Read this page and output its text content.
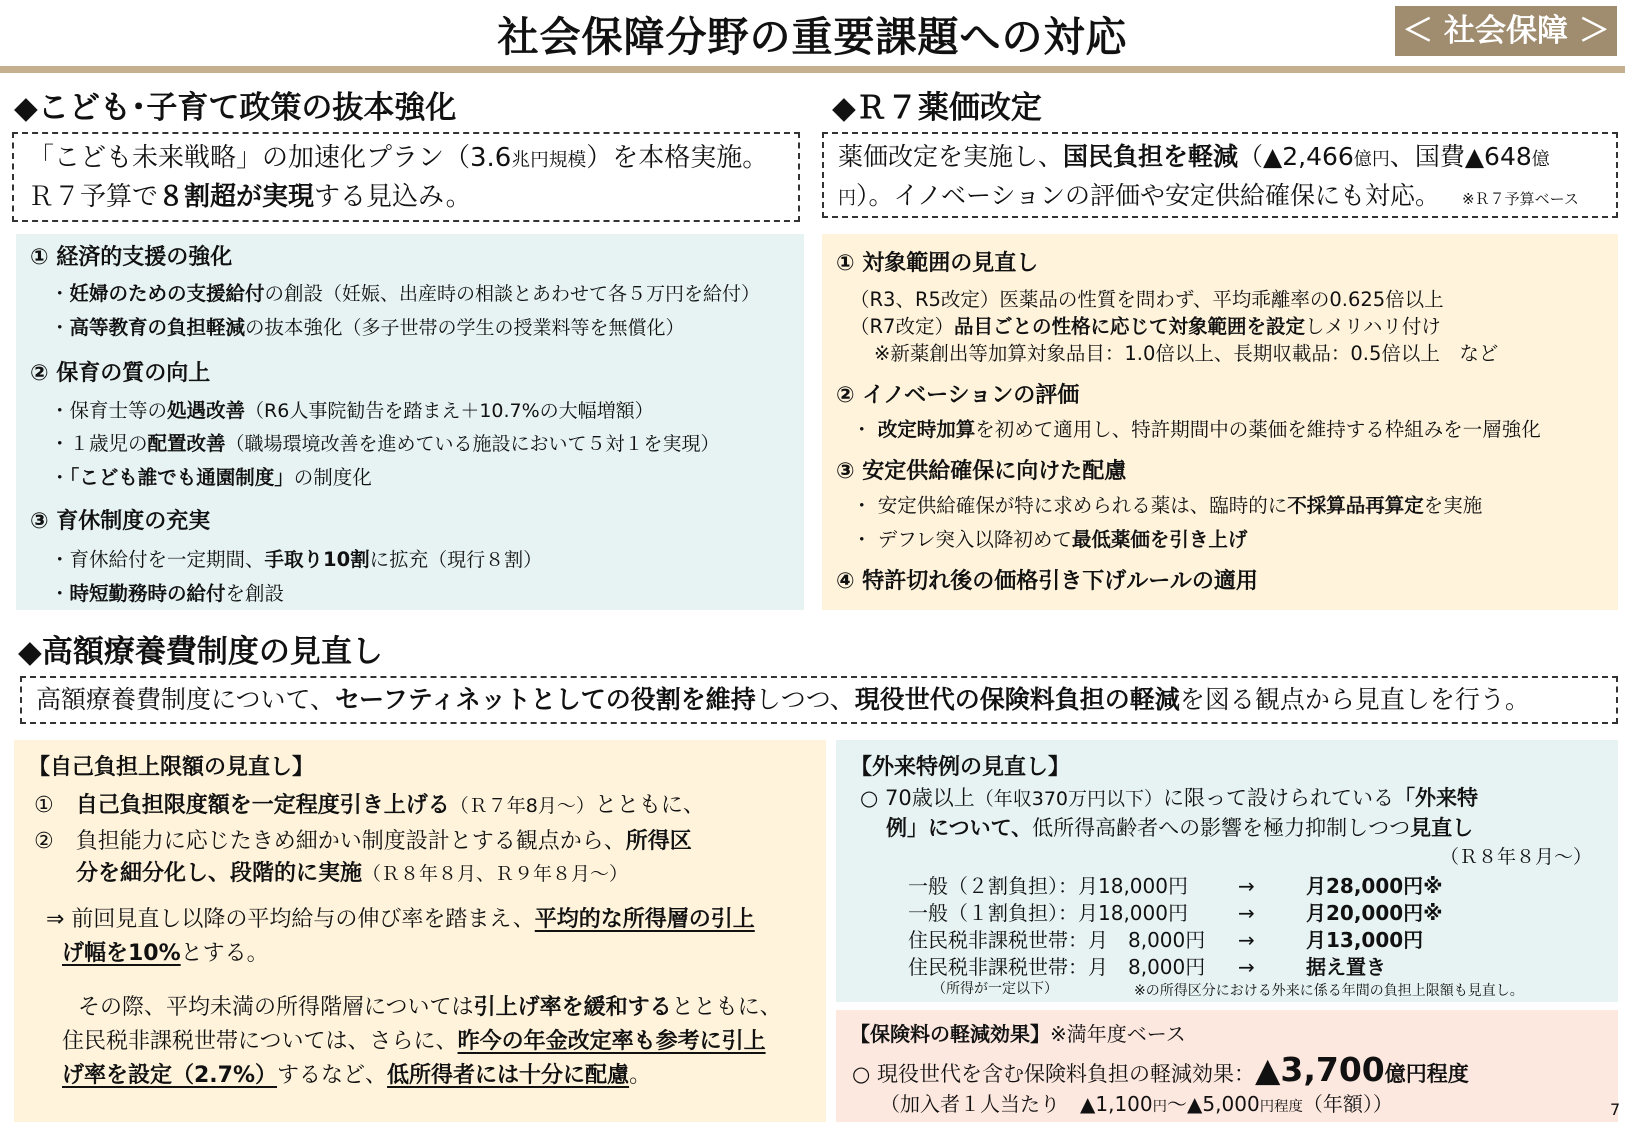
社会保障分野の重要課題への対応	＜ 社会保障 ＞
◆こども･子育て政策の抜本強化
「こども未来戦略」の加速化プラン（3.6兆円規模）を本格実施。
Ｒ７予算で８割超が実現する見込み。
① 経済的支援の強化
・妊婦のための支援給付の創設（妊娠、出産時の相談とあわせて各５万円を給付）
・高等教育の負担軽減の抜本強化（多子世帯の学生の授業料等を無償化）
② 保育の質の向上
・保育士等の処遇改善（R6人事院勧告を踏まえ＋10.7%の大幅増額）
・１歳児の配置改善（職場環境改善を進めている施設において５対１を実現）
・「こども誰でも通園制度」の制度化
③ 育休制度の充実
・育休給付を一定期間、手取り10割に拡充（現行８割）
・時短勤務時の給付を創設
◆Ｒ７薬価改定
薬価改定を実施し、国民負担を軽減（▲2,466億円、国費▲648億
円）。イノベーションの評価や安定供給確保にも対応。 ※Ｒ７予算ベース
① 対象範囲の見直し
（R3、R5改定）医薬品の性質を問わず、平均乖離率の0.625倍以上
（R7改定）品目ごとの性格に応じて対象範囲を設定しメリハリ付け
※新薬創出等加算対象品目：1.0倍以上、長期収載品：0.5倍以上　など
② イノベーションの評価
・ 改定時加算を初めて適用し、特許期間中の薬価を維持する枠組みを一層強化
③ 安定供給確保に向けた配慮
・ 安定供給確保が特に求められる薬は、臨時的に不採算品再算定を実施
・ デフレ突入以降初めて最低薬価を引き上げ
④ 特許切れ後の価格引き下げルールの適用
◆高額療養費制度の見直し
高額療養費制度について、セーフティネットとしての役割を維持しつつ、現役世代の保険料負担の軽減を図る観点から見直しを行う。
【自己負担上限額の見直し】
①　自己負担限度額を一定程度引き上げる（Ｒ７年8月～）とともに、
②　負担能力に応じたきめ細かい制度設計とする観点から、所得区
分を細分化し、段階的に実施（Ｒ８年８月、Ｒ９年８月～）
⇒ 前回見直し以降の平均給与の伸び率を踏まえ、平均的な所得層の引上
げ幅を10%とする。
その際、平均未満の所得階層については引上げ率を緩和するとともに、
住民税非課税世帯については、さらに、昨今の年金改定率も参考に引上
げ率を設定（2.7%）するなど、低所得者には十分に配慮。
【外来特例の見直し】
○ 70歳以上（年収370万円以下）に限って設けられている「外来特
例」について、低所得高齢者への影響を極力抑制しつつ見直し
（Ｒ８年８月～）
一般（２割負担）：月18,000円	→	月28,000円※
一般（１割負担）：月18,000円	→	月20,000円※
住民税非課税世帯：月　8,000円 →	月13,000円
住民税非課税世帯：月　8,000円 →	据え置き
（所得が一定以下）	※の所得区分における外来に係る年間の負担上限額も見直し。
【保険料の軽減効果】※満年度ベース
○ 現役世代を含む保険料負担の軽減効果：▲3,700億円程度
（加入者１人当たり　▲1,100円～▲5,000円程度（年額））	7
